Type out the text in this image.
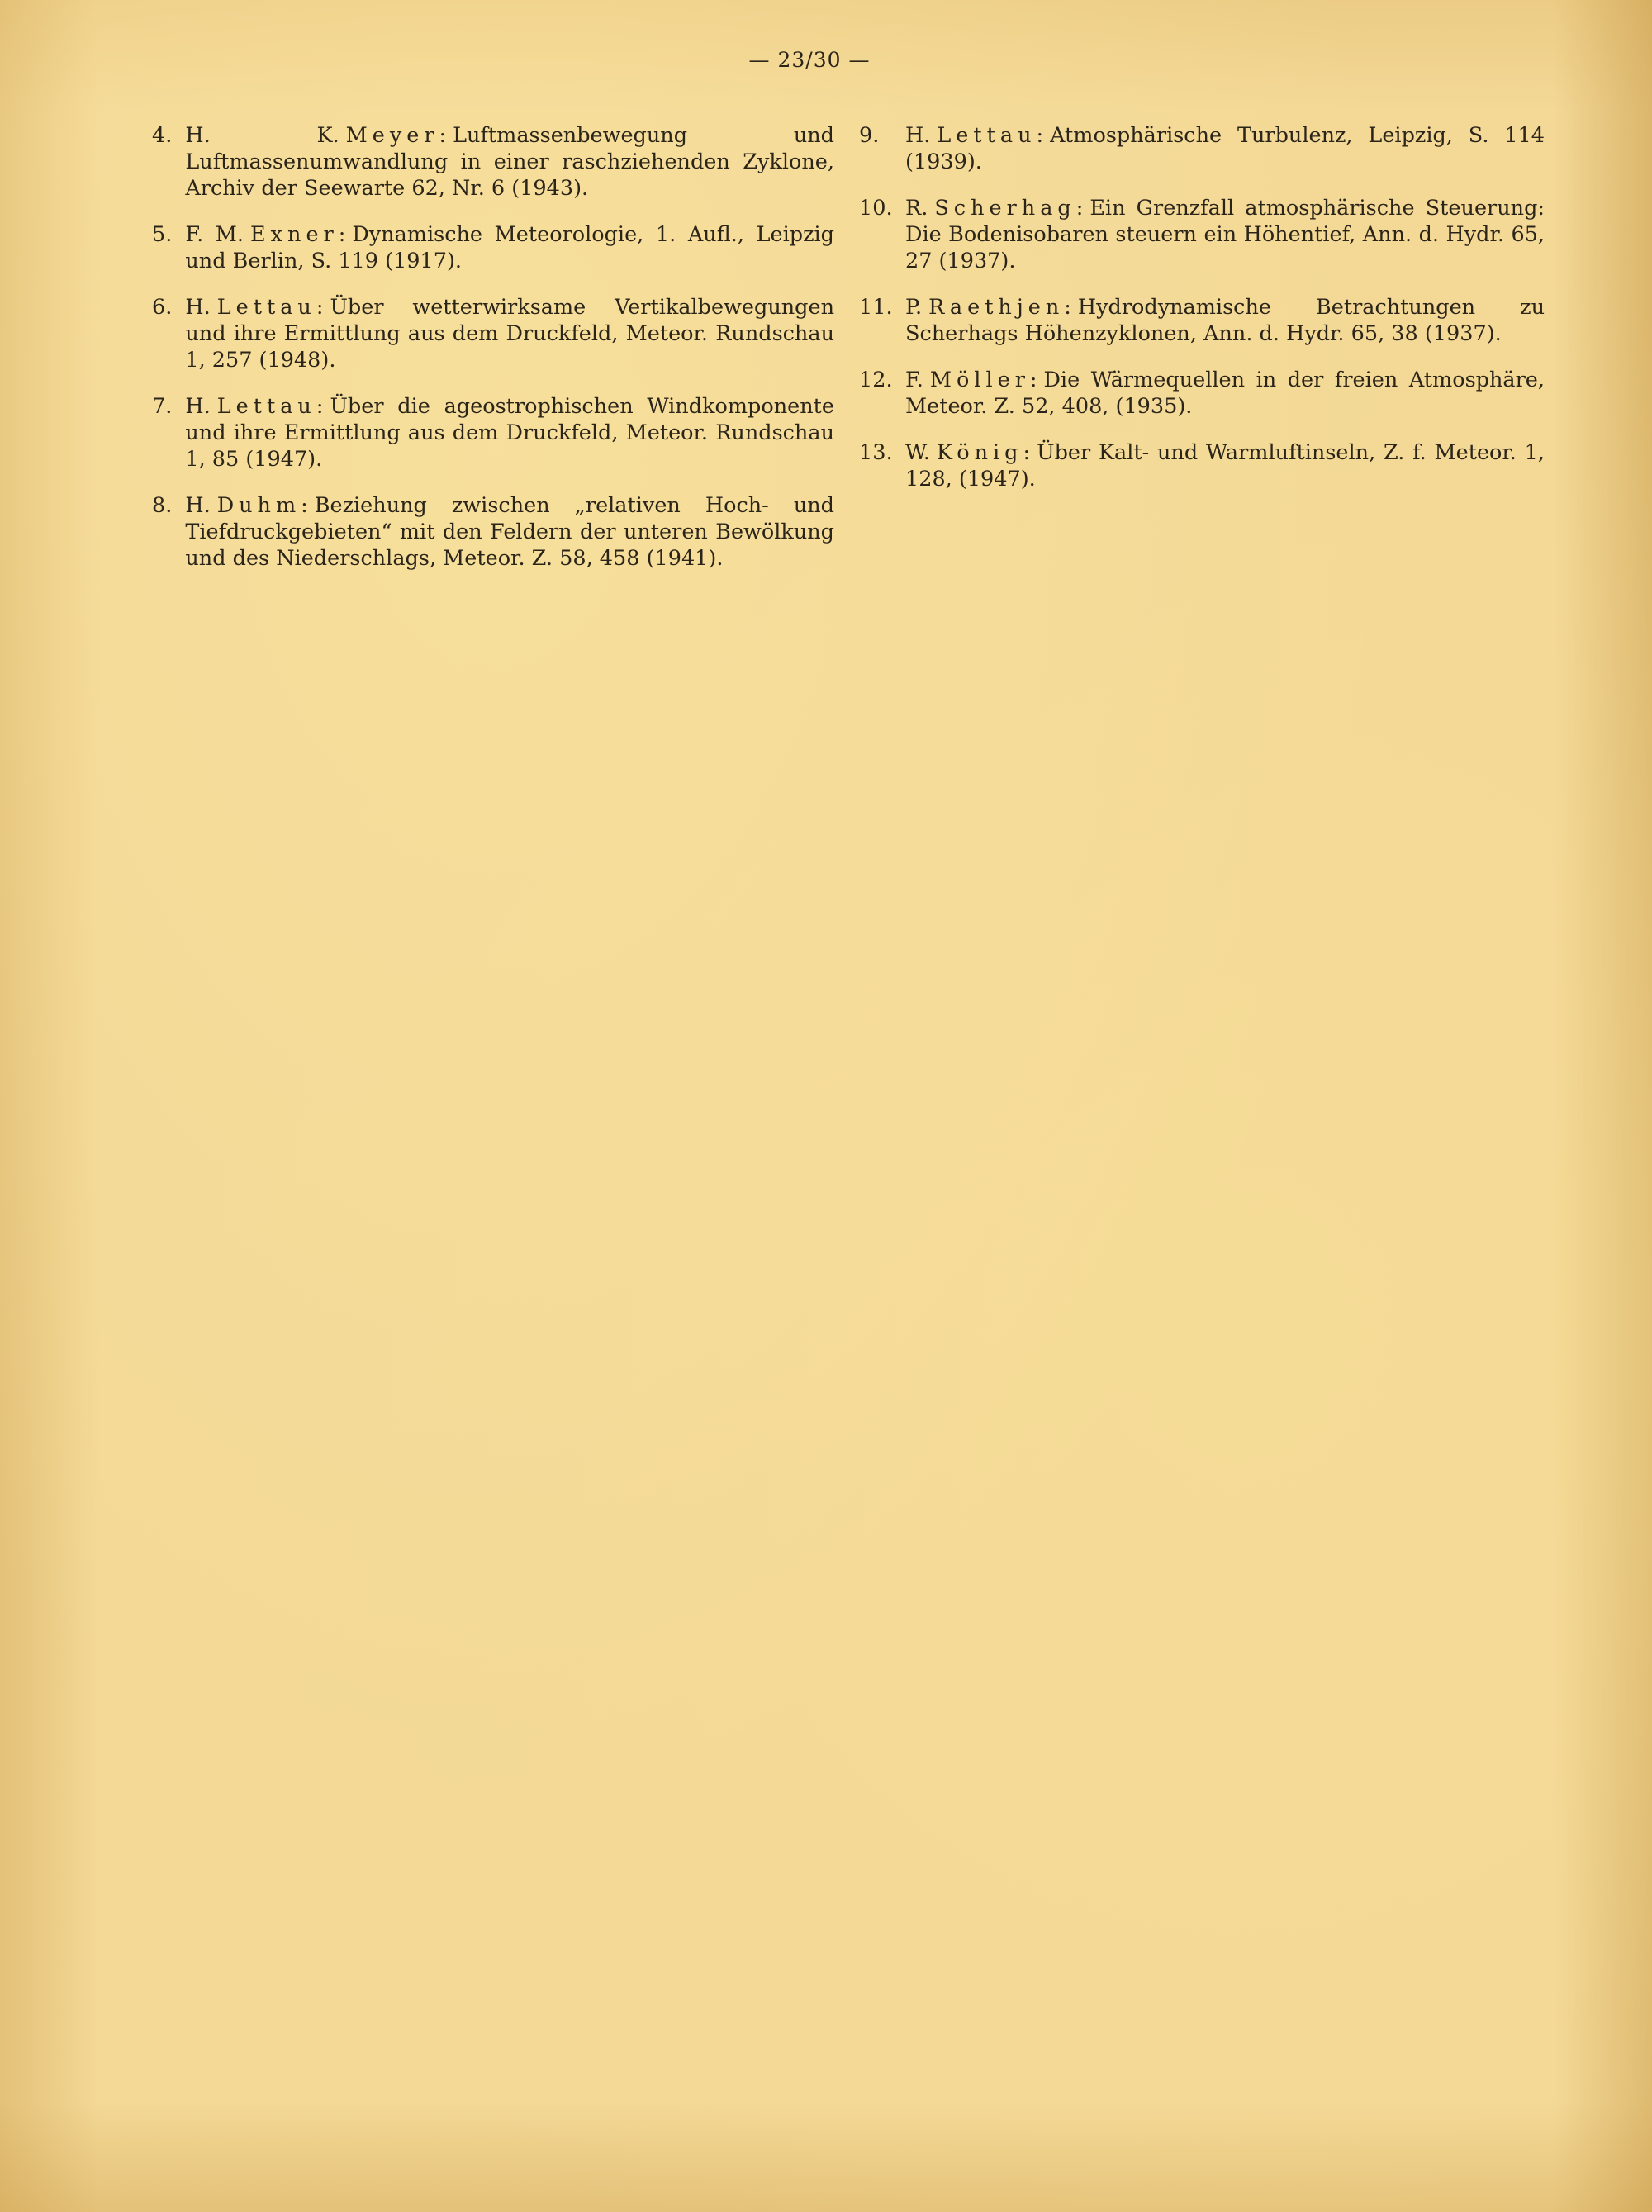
— 23/30 —
4. H. K. Meyer: Luftmassenbewegung und Luftmassenumwandlung in einer raschziehenden Zyklone, Archiv der Seewarte 62, Nr. 6 (1943).
5. F. M. Exner: Dynamische Meteorologie, 1. Aufl., Leipzig und Berlin, S. 119 (1917).
6. H. Lettau: Über wetterwirksame Vertikalbewegungen und ihre Ermittlung aus dem Druckfeld, Meteor. Rundschau 1, 257 (1948).
7. H. Lettau: Über die ageostrophischen Windkomponente und ihre Ermittlung aus dem Druckfeld, Meteor. Rundschau 1, 85 (1947).
8. H. Duhm: Beziehung zwischen „relativen Hoch- und Tiefdruckgebieten“ mit den Feldern der unteren Bewölkung und des Niederschlags, Meteor. Z. 58, 458 (1941).
9.	H. Lettau: Atmosphärische Turbulenz, Leipzig, S. 114 (1939).
10. R. Scherhag: Ein Grenzfall atmosphärische Steuerung: Die Bodenisobaren steuern ein Höhentief, Ann. d. Hydr. 65, 27 (1937).
11. P. Raethjen: Hydrodynamische Betrachtungen zu Scherhags Höhenzyklonen, Ann. d. Hydr. 65, 38 (1937).
12. F. Möller: Die Wärmequellen in der freien Atmosphäre, Meteor. Z. 52, 408, (1935).
13. W. König: Über Kalt- und Warmluftinseln, Z. f. Meteor. 1, 128, (1947).
